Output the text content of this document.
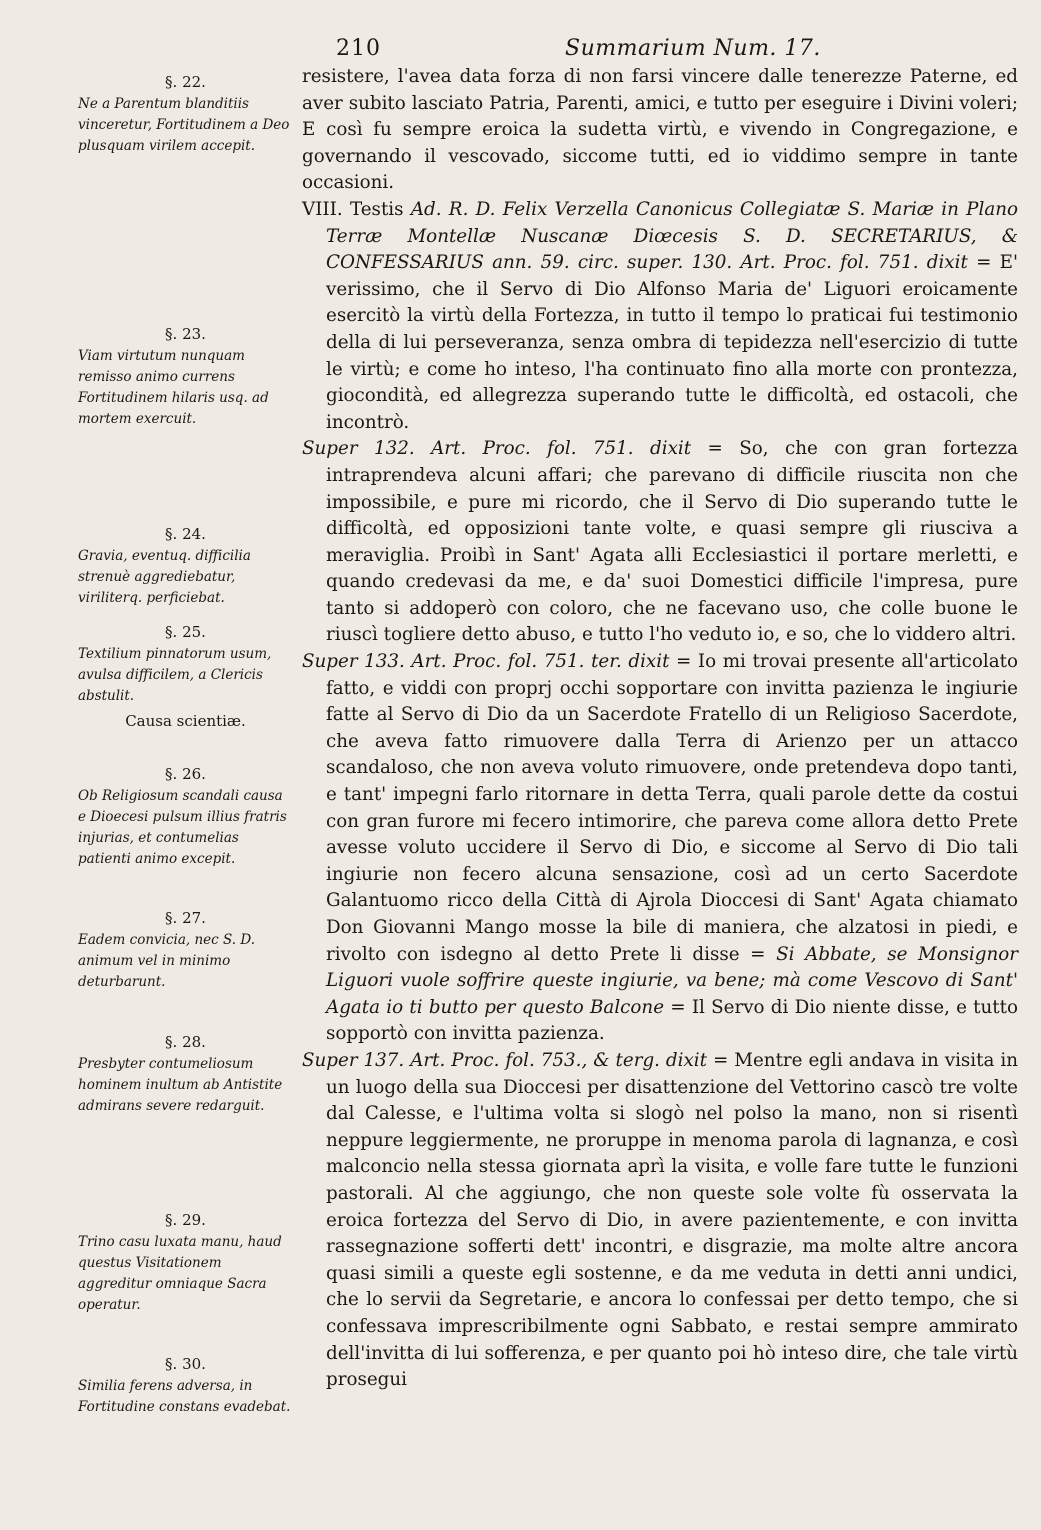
210	Summarium Num. 17.
§. 22.
Ne a Parentum blanditiis vinceretur, Fortitudinem a Deo plusquam virilem accepit.
§. 23.
Viam virtutum nunquam remisso animo currens Fortitudinem hilaris usq. ad mortem exercuit.
§. 24.
Gravia, eventuq. difficilia strenuè aggrediebatur, viriliterq. perficiebat.
§. 25.
Textilium pinnatorum usum, avulsa difficilem, a Clericis abstulit.
Causa scientiæ.
§. 26.
Ob Religiosum scandali causa e Dioecesi pulsum illius fratris injurias, et contumelias patienti animo excepit.
§. 27.
Eadem convicia, nec S. D. animum vel in minimo deturbarunt.
§. 28.
Presbyter contumeliosum hominem inultum ab Antistite admirans severe redarguit.
§. 29.
Trino casu luxata manu, haud questus Visitationem aggreditur omniaque Sacra operatur.
§. 30.
Similia ferens adversa, in Fortitudine constans evadebat.

resistere, l'avea data forza di non farsi vincere dalle tenerezze Paterne, ed aver subito lasciato Patria, Parenti, amici, e tutto per eseguire i Divini voleri; E così fu sempre eroica la sudetta virtù, e vivendo in Congregazione, e governando il vescovado, siccome tutti, ed io viddimo sempre in tante occasioni.

VIII. Testis Ad. R. D. Felix Verzella Canonicus Collegiatæ S. Mariæ in Plano Terræ Montellæ Nuscanæ Diœcesis S. D. SECRETARIUS, & CONFESSARIUS ann. 59. circ. super. 130. Art. Proc. fol. 751. dixit = E' verissimo, che il Servo di Dio Alfonso Maria de' Liguori eroicamente esercitò la virtù della Fortezza, in tutto il tempo lo praticai fui testimonio della di lui perseveranza, senza ombra di tepidezza nell'esercizio di tutte le virtù; e come ho inteso, l'ha continuato fino alla morte con prontezza, giocondità, ed allegrezza superando tutte le difficoltà, ed ostacoli, che incontrò.

Super 132. Art. Proc. fol. 751. dixit = So, che con gran fortezza intraprendeva alcuni affari; che parevano di difficile riuscita non che impossibile, e pure mi ricordo, che il Servo di Dio superando tutte le difficoltà, ed opposizioni tante volte, e quasi sempre gli riusciva a meraviglia. Proibì in Sant' Agata alli Ecclesiastici il portare merletti, e quando credevasi da me, e da' suoi Domestici difficile l'impresa, pure tanto si addoperò con coloro, che ne facevano uso, che colle buone le riuscì togliere detto abuso, e tutto l'ho veduto io, e so, che lo viddero altri.

Super 133. Art. Proc. fol. 751. ter. dixit = Io mi trovai presente all'articolato fatto, e viddi con proprj occhi sopportare con invitta pazienza le ingiurie fatte al Servo di Dio da un Sacerdote Fratello di un Religioso Sacerdote, che aveva fatto rimuovere dalla Terra di Arienzo per un attacco scandaloso, che non aveva voluto rimuovere, onde pretendeva dopo tanti, e tant' impegni farlo ritornare in detta Terra, quali parole dette da costui con gran furore mi fecero intimorire, che pareva come allora detto Prete avesse voluto uccidere il Servo di Dio, e siccome al Servo di Dio tali ingiurie non fecero alcuna sensazione, così ad un certo Sacerdote Galantuomo ricco della Città di Ajrola Dioccesi di Sant' Agata chiamato Don Giovanni Mango mosse la bile di maniera, che alzatosi in piedi, e rivolto con isdegno al detto Prete li disse = Si Abbate, se Monsignor Liguori vuole soffrire queste ingiurie, va bene; mà come Vescovo di Sant' Agata io ti butto per questo Balcone = Il Servo di Dio niente disse, e tutto sopportò con invitta pazienza.

Super 137. Art. Proc. fol. 753., & terg. dixit = Mentre egli andava in visita in un luogo della sua Dioccesi per disattenzione del Vettorino cascò tre volte dal Calesse, e l'ultima volta si slogò nel polso la mano, non si risentì neppure leggiermente, ne proruppe in menoma parola di lagnanza, e così malconcio nella stessa giornata aprì la visita, e volle fare tutte le funzioni pastorali. Al che aggiungo, che non queste sole volte fù osservata la eroica fortezza del Servo di Dio, in avere pazientemente, e con invitta rassegnazione sofferti dett' incontri, e disgrazie, ma molte altre ancora quasi simili a queste egli sostenne, e da me veduta in detti anni undici, che lo servii da Segretarie, e ancora lo confessai per detto tempo, che si confessava imprescribilmente ogni Sabbato, e restai sempre ammirato dell'invitta di lui sofferenza, e per quanto poi hò inteso dire, che tale virtù prosegui
